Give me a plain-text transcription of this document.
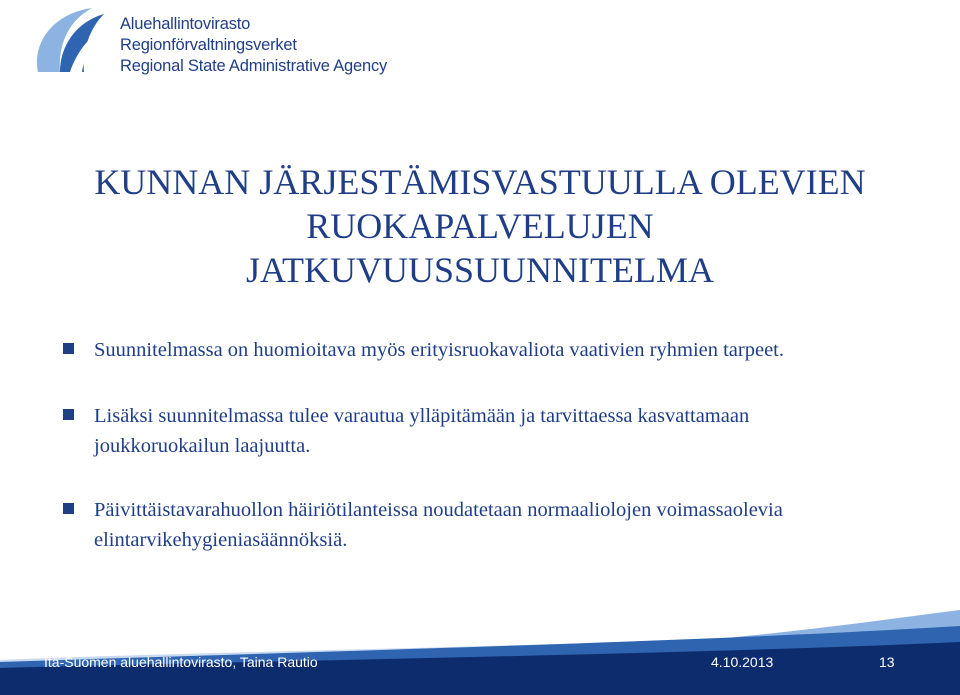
Aluehallintovirasto
Regionförvaltningsverket
Regional State Administrative Agency
KUNNAN JÄRJESTÄMISVASTUULLA OLEVIEN
RUOKAPALVELUJEN
JATKUVUUSSUUNNITELMA
Suunnitelmassa on huomioitava myös erityisruokavaliota vaativien ryhmien tarpeet.
Lisäksi suunnitelmassa tulee varautua ylläpitämään ja tarvittaessa kasvattamaan
joukkoruokailun laajuutta.
Päivittäistavarahuollon häiriötilanteissa noudatetaan normaaliolojen voimassaolevia
elintarvikehygieniasäännöksiä.
Itä-Suomen aluehallintovirasto, Taina Rautio	4.10.2013	13
